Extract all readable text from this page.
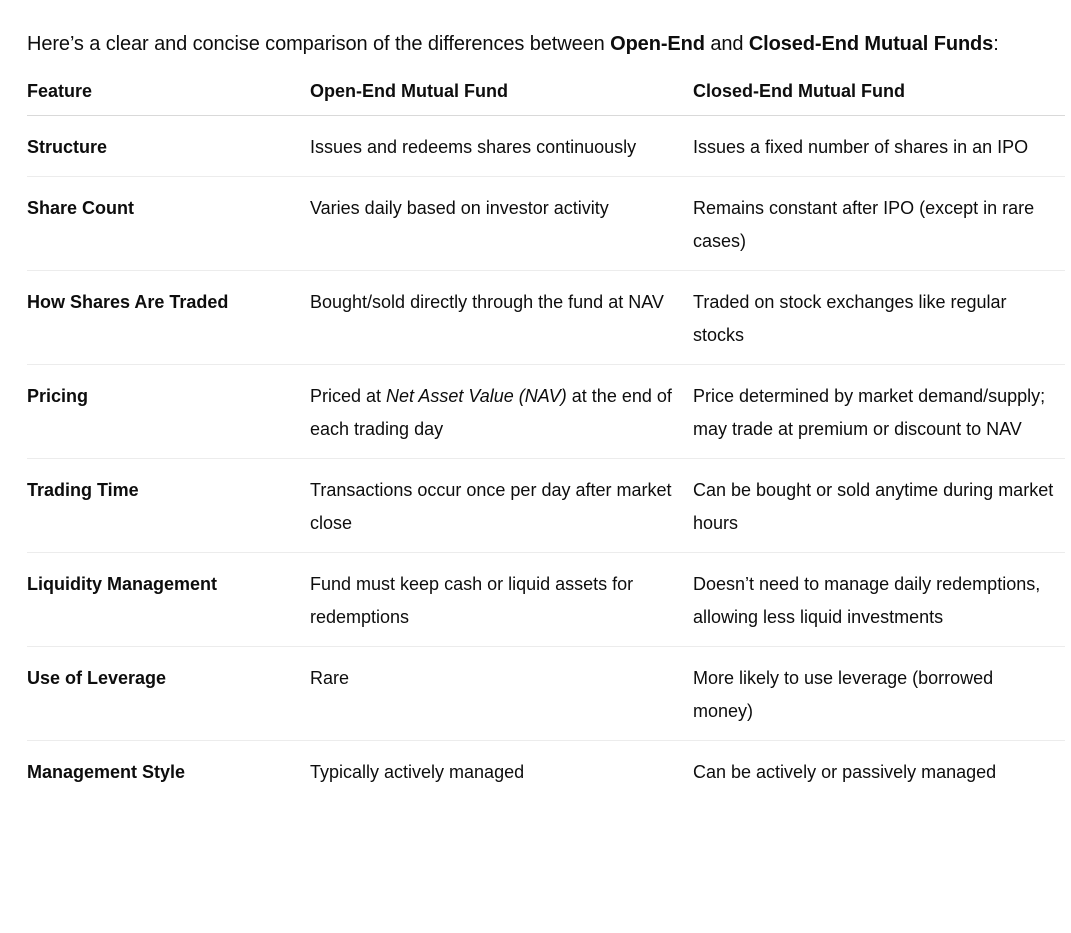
Here’s a clear and concise comparison of the differences between Open-End and Closed-End Mutual Funds:

Feature	Open-End Mutual Fund	Closed-End Mutual Fund
Structure	Issues and redeems shares continuously	Issues a fixed number of shares in an IPO
Share Count	Varies daily based on investor activity	Remains constant after IPO (except in rare cases)
How Shares Are Traded	Bought/sold directly through the fund at NAV	Traded on stock exchanges like regular stocks
Pricing	Priced at Net Asset Value (NAV) at the end of each trading day	Price determined by market demand/supply; may trade at premium or discount to NAV
Trading Time	Transactions occur once per day after market close	Can be bought or sold anytime during market hours
Liquidity Management	Fund must keep cash or liquid assets for redemptions	Doesn’t need to manage daily redemptions, allowing less liquid investments
Use of Leverage	Rare	More likely to use leverage (borrowed money)
Management Style	Typically actively managed	Can be actively or passively managed
